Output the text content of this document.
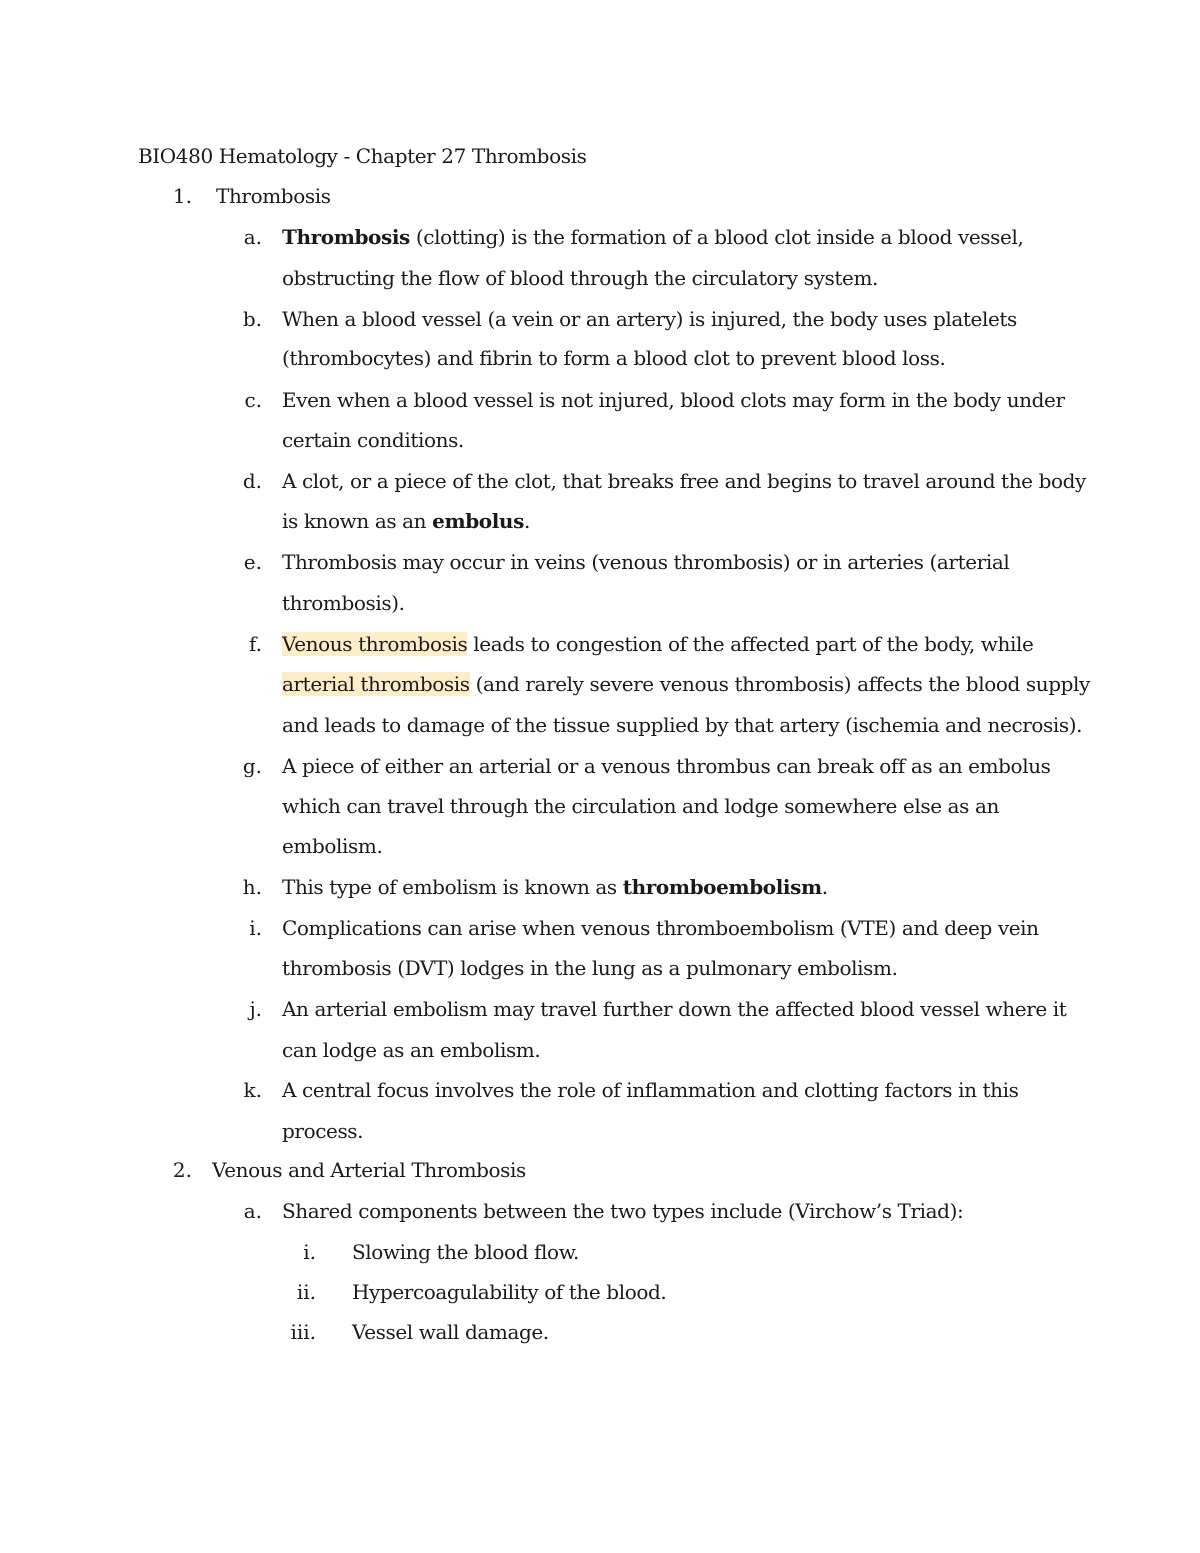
BIO480 Hematology - Chapter 27 Thrombosis
1. Thrombosis
a. Thrombosis (clotting) is the formation of a blood clot inside a blood vessel,
obstructing the flow of blood through the circulatory system.
b. When a blood vessel (a vein or an artery) is injured, the body uses platelets
(thrombocytes) and fibrin to form a blood clot to prevent blood loss.
c. Even when a blood vessel is not injured, blood clots may form in the body under
certain conditions.
d. A clot, or a piece of the clot, that breaks free and begins to travel around the body
is known as an embolus.
e. Thrombosis may occur in veins (venous thrombosis) or in arteries (arterial
thrombosis).
f. Venous thrombosis leads to congestion of the affected part of the body, while
arterial thrombosis (and rarely severe venous thrombosis) affects the blood supply
and leads to damage of the tissue supplied by that artery (ischemia and necrosis).
g. A piece of either an arterial or a venous thrombus can break off as an embolus
which can travel through the circulation and lodge somewhere else as an
embolism.
h. This type of embolism is known as thromboembolism.
i. Complications can arise when venous thromboembolism (VTE) and deep vein
thrombosis (DVT) lodges in the lung as a pulmonary embolism.
j. An arterial embolism may travel further down the affected blood vessel where it
can lodge as an embolism.
k. A central focus involves the role of inflammation and clotting factors in this
process.
2. Venous and Arterial Thrombosis
a. Shared components between the two types include (Virchow’s Triad):
i. Slowing the blood flow.
ii. Hypercoagulability of the blood.
iii. Vessel wall damage.
